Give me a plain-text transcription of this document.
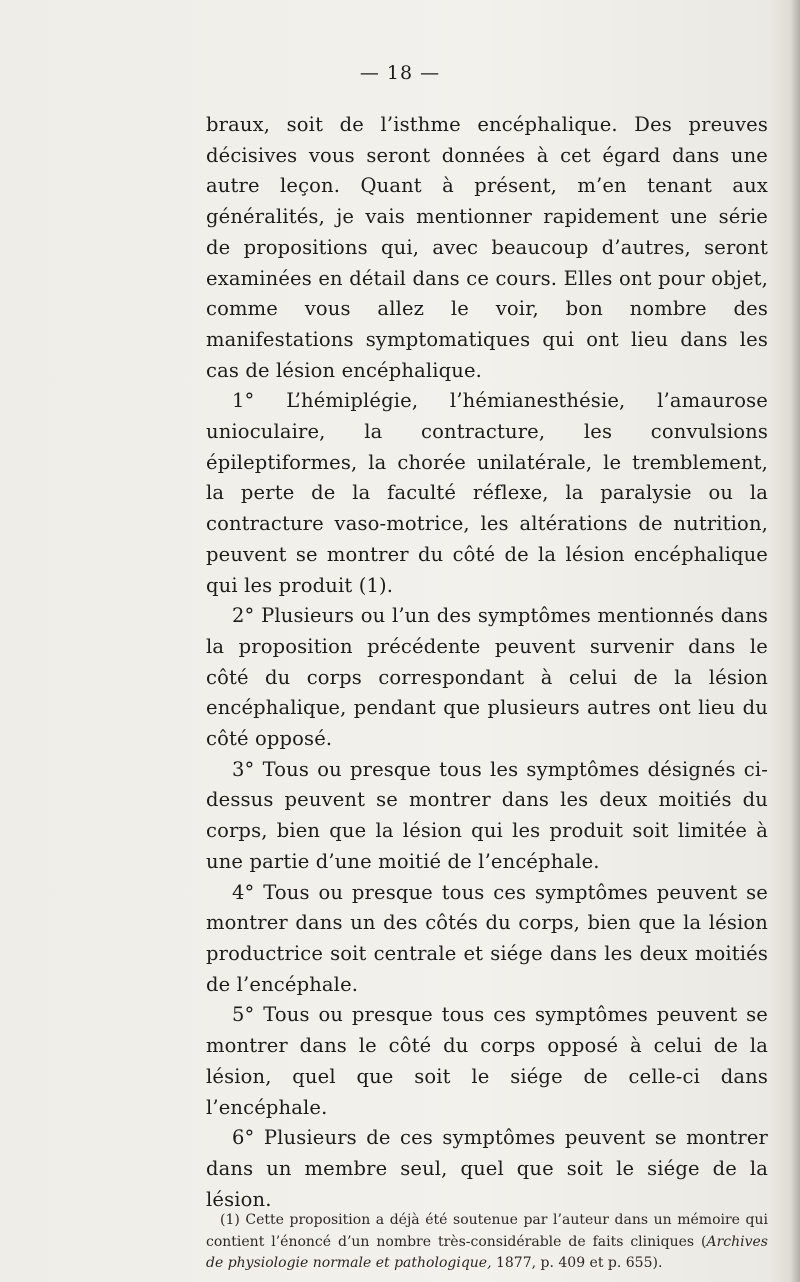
— 18 —

braux, soit de l’isthme encéphalique. Des preuves décisives vous seront données à cet égard dans une autre leçon. Quant à présent, m’en tenant aux généralités, je vais mentionner rapidement une série de propositions qui, avec beaucoup d’autres, seront examinées en détail dans ce cours. Elles ont pour objet, comme vous allez le voir, bon nombre des manifestations symptomatiques qui ont lieu dans les cas de lésion encéphalique.

1° L’hémiplégie, l’hémianesthésie, l’amaurose unioculaire, la contracture, les convulsions épileptiformes, la chorée unilatérale, le tremblement, la perte de la faculté réflexe, la paralysie ou la contracture vaso-motrice, les altérations de nutrition, peuvent se montrer du côté de la lésion encéphalique qui les produit (1).

2° Plusieurs ou l’un des symptômes mentionnés dans la proposition précédente peuvent survenir dans le côté du corps correspondant à celui de la lésion encéphalique, pendant que plusieurs autres ont lieu du côté opposé.

3° Tous ou presque tous les symptômes désignés ci-dessus peuvent se montrer dans les deux moitiés du corps, bien que la lésion qui les produit soit limitée à une partie d’une moitié de l’encéphale.

4° Tous ou presque tous ces symptômes peuvent se montrer dans un des côtés du corps, bien que la lésion productrice soit centrale et siége dans les deux moitiés de l’encéphale.

5° Tous ou presque tous ces symptômes peuvent se montrer dans le côté du corps opposé à celui de la lésion, quel que soit le siége de celle-ci dans l’encéphale.

6° Plusieurs de ces symptômes peuvent se montrer dans un membre seul, quel que soit le siége de la lésion.

(1) Cette proposition a déjà été soutenue par l’auteur dans un mémoire qui contient l’énoncé d’un nombre très-considérable de faits cliniques (Archives de physiologie normale et pathologique, 1877, p. 409 et p. 655).
